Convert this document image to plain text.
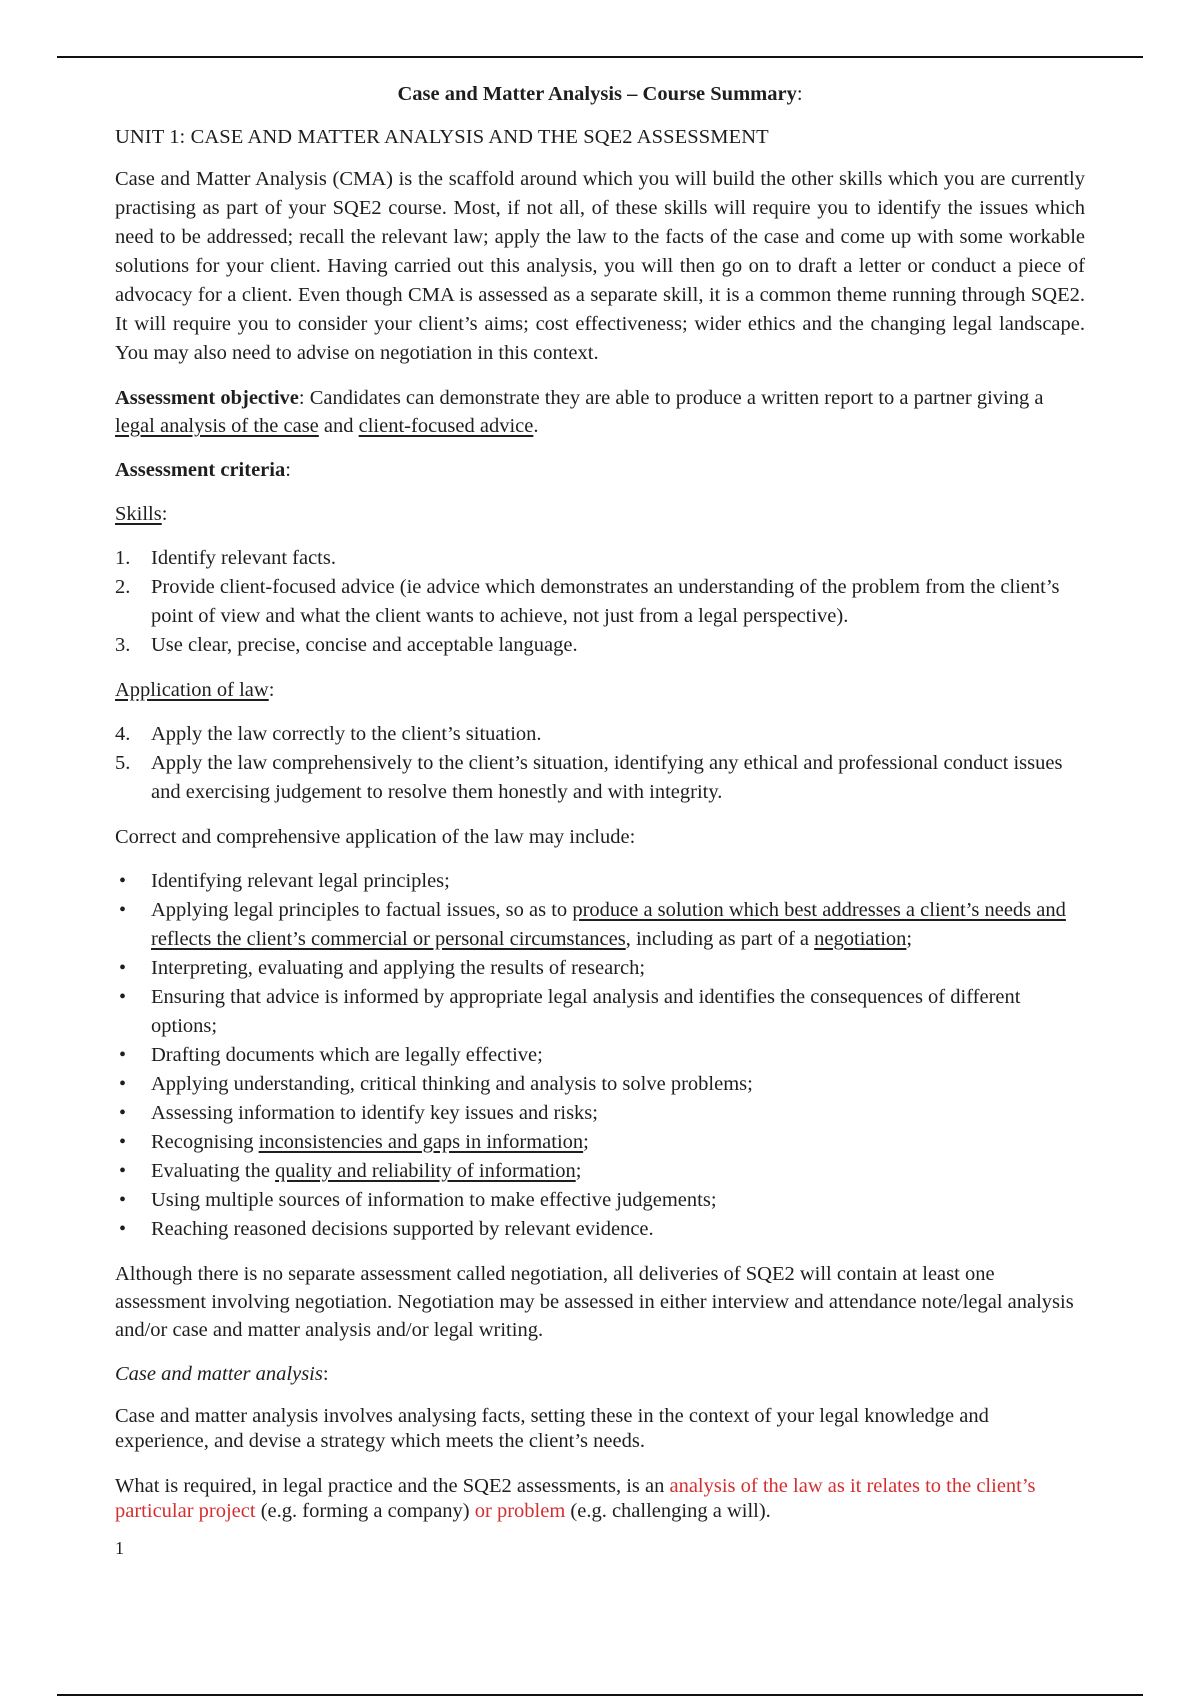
Case and Matter Analysis – Course Summary:

UNIT 1: CASE AND MATTER ANALYSIS AND THE SQE2 ASSESSMENT

Case and Matter Analysis (CMA) is the scaffold around which you will build the other skills which you are currently practising as part of your SQE2 course. Most, if not all, of these skills will require you to identify the issues which need to be addressed; recall the relevant law; apply the law to the facts of the case and come up with some workable solutions for your client. Having carried out this analysis, you will then go on to draft a letter or conduct a piece of advocacy for a client. Even though CMA is assessed as a separate skill, it is a common theme running through SQE2. It will require you to consider your client’s aims; cost effectiveness; wider ethics and the changing legal landscape. You may also need to advise on negotiation in this context.

Assessment objective: Candidates can demonstrate they are able to produce a written report to a partner giving a legal analysis of the case and client-focused advice.

Assessment criteria:

Skills:

1. Identify relevant facts.
2. Provide client-focused advice (ie advice which demonstrates an understanding of the problem from the client’s point of view and what the client wants to achieve, not just from a legal perspective).
3. Use clear, precise, concise and acceptable language.

Application of law:

4. Apply the law correctly to the client’s situation.
5. Apply the law comprehensively to the client’s situation, identifying any ethical and professional conduct issues and exercising judgement to resolve them honestly and with integrity.

Correct and comprehensive application of the law may include:

• Identifying relevant legal principles;
• Applying legal principles to factual issues, so as to produce a solution which best addresses a client’s needs and reflects the client’s commercial or personal circumstances, including as part of a negotiation;
• Interpreting, evaluating and applying the results of research;
• Ensuring that advice is informed by appropriate legal analysis and identifies the consequences of different options;
• Drafting documents which are legally effective;
• Applying understanding, critical thinking and analysis to solve problems;
• Assessing information to identify key issues and risks;
• Recognising inconsistencies and gaps in information;
• Evaluating the quality and reliability of information;
• Using multiple sources of information to make effective judgements;
• Reaching reasoned decisions supported by relevant evidence.

Although there is no separate assessment called negotiation, all deliveries of SQE2 will contain at least one assessment involving negotiation. Negotiation may be assessed in either interview and attendance note/legal analysis and/or case and matter analysis and/or legal writing.

Case and matter analysis:

Case and matter analysis involves analysing facts, setting these in the context of your legal knowledge and experience, and devise a strategy which meets the client’s needs.

What is required, in legal practice and the SQE2 assessments, is an analysis of the law as it relates to the client’s particular project (e.g. forming a company) or problem (e.g. challenging a will).

1
